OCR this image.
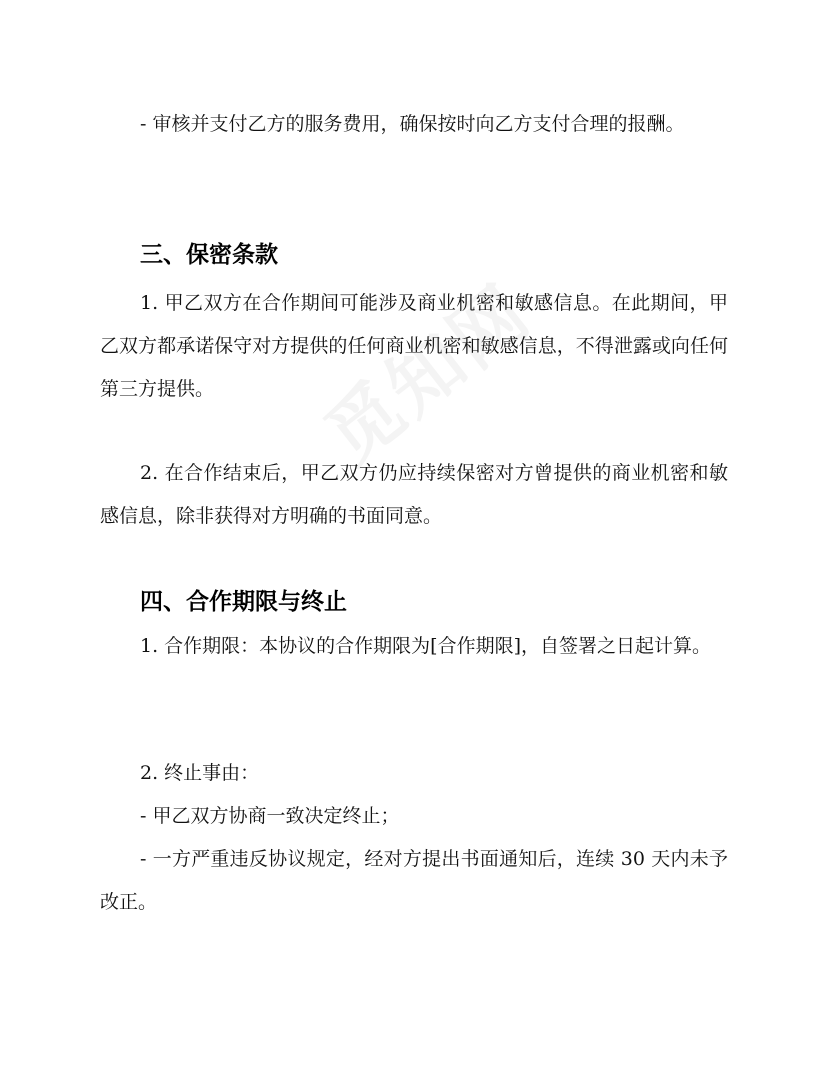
- 审核并支付乙方的服务费用，确保按时向乙方支付合理的报酬。

三、保密条款

1. 甲乙双方在合作期间可能涉及商业机密和敏感信息。在此期间，甲乙双方都承诺保守对方提供的任何商业机密和敏感信息，不得泄露或向任何第三方提供。

2. 在合作结束后，甲乙双方仍应持续保密对方曾提供的商业机密和敏感信息，除非获得对方明确的书面同意。

四、合作期限与终止

1. 合作期限：本协议的合作期限为[合作期限]，自签署之日起计算。

2. 终止事由：

- 甲乙双方协商一致决定终止；

- 一方严重违反协议规定，经对方提出书面通知后，连续 30 天内未予改正。
